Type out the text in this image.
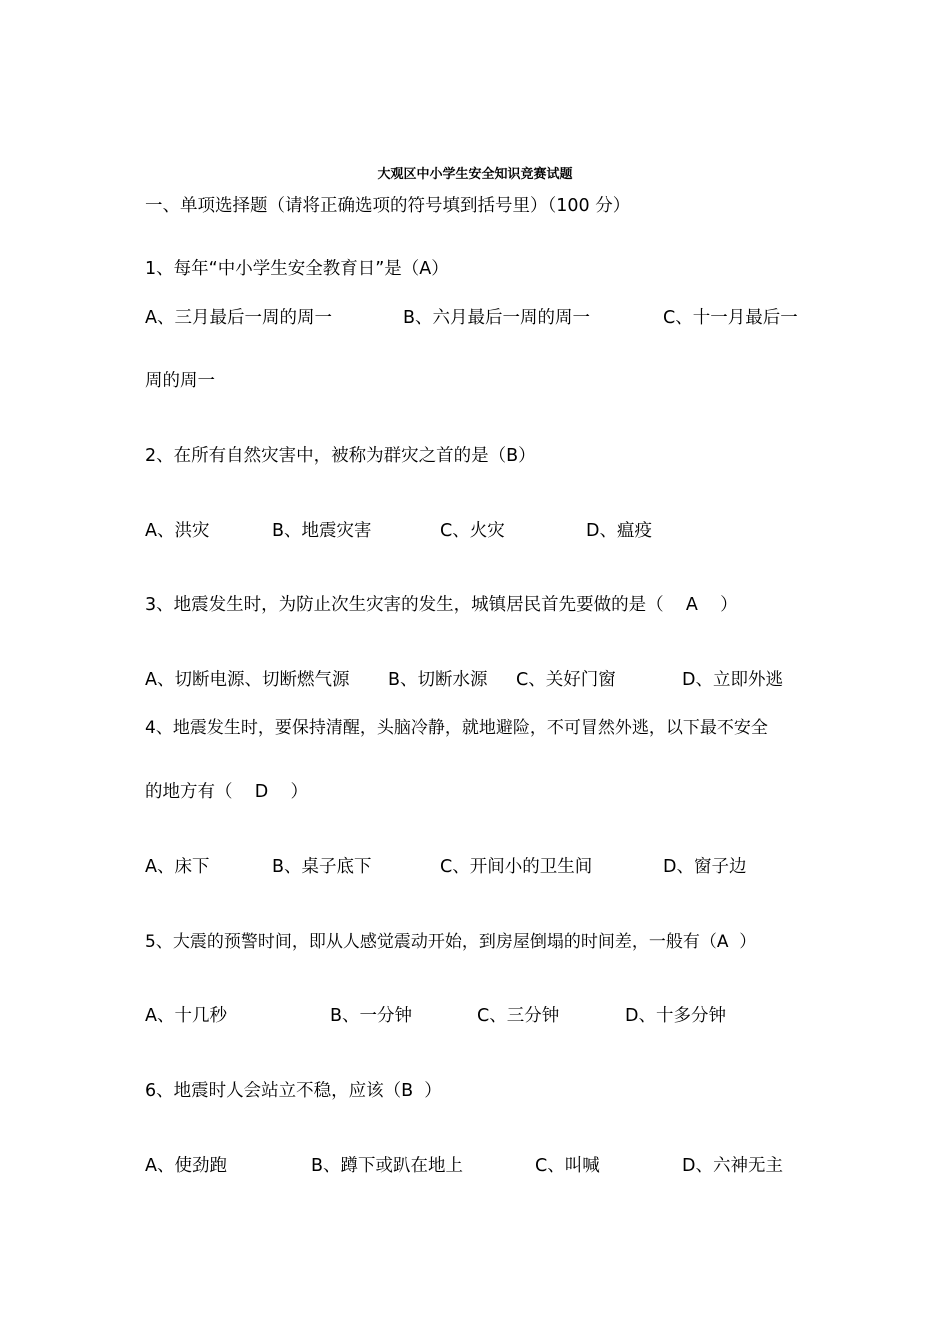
大观区中小学生安全知识竞赛试题
一、单项选择题（请将正确选项的符号填到括号里）（100 分）
1、每年“中小学生安全教育日”是（A）
A、三月最后一周的周一	B、六月最后一周的周一	C、十一月最后一
周的周一
2、在所有自然灾害中，被称为群灾之首的是（B）
A、洪灾	B、地震灾害	C、火灾	D、瘟疫
3、地震发生时，为防止次生灾害的发生，城镇居民首先要做的是（    A    ）
A、切断电源、切断燃气源 B、切断水源 C、关好门窗	D、立即外逃
4、地震发生时，要保持清醒，头脑冷静，就地避险，不可冒然外逃，以下最不安全
的地方有（    D    ）
A、床下	B、桌子底下	C、开间小的卫生间	D、窗子边
5、大震的预警时间，即从人感觉震动开始，到房屋倒塌的时间差，一般有（A  ）
A、十几秒	B、一分钟	C、三分钟	D、十多分钟
6、地震时人会站立不稳，应该（B  ）
A、使劲跑	B、蹲下或趴在地上	C、叫喊	D、六神无主
